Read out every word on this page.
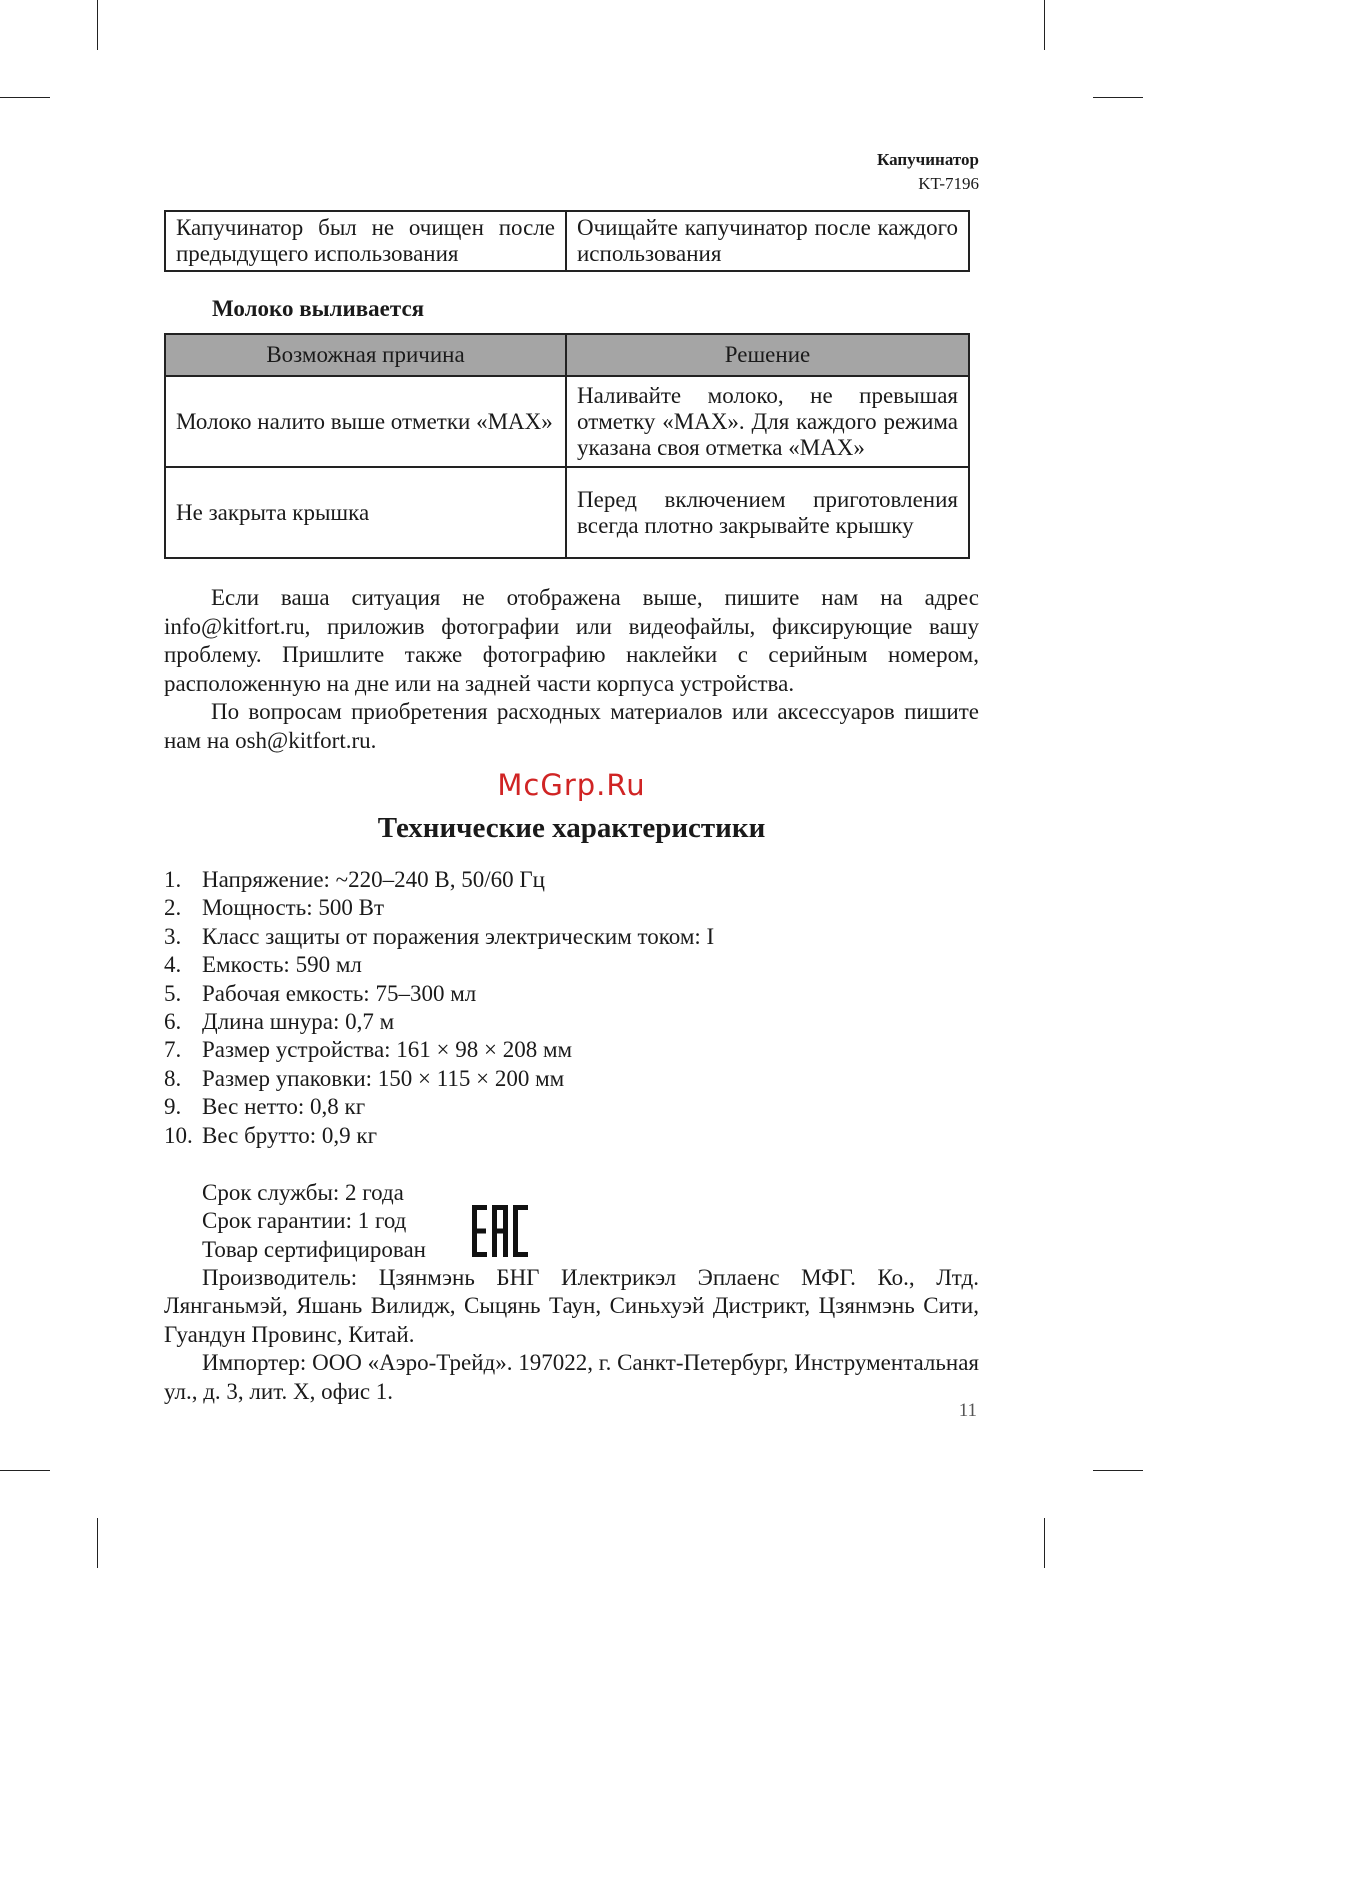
Капучинатор
KT-7196
Капучинатор был не очищен после предыдущего использования	Очищайте капучинатор после каждого использования
Молоко выливается
Возможная причина	Решение
Молоко налито выше отметки «MAX»	Наливайте молоко, не превышая отметку «MAX». Для каждого режима указана своя отметка «MAX»
Не закрыта крышка	Перед включением приготовления всегда плотно закрывайте крышку

Если ваша ситуация не отображена выше, пишите нам на адрес info@kitfort.ru, приложив фотографии или видеофайлы, фиксирующие вашу проблему. Пришлите также фотографию наклейки с серийным номером, расположенную на дне или на задней части корпуса устройства.

По вопросам приобретения расходных материалов или аксессуаров пишите нам на osh@kitfort.ru.

McGrp.Ru
Технические характеристики
1. Напряжение: ~220–240 В, 50/60 Гц
2. Мощность: 500 Вт
3. Класс защиты от поражения электрическим током: I
4. Емкость: 590 мл
5. Рабочая емкость: 75–300 мл
6. Длина шнура: 0,7 м
7. Размер устройства: 161 × 98 × 208 мм
8. Размер упаковки: 150 × 115 × 200 мм
9. Вес нетто: 0,8 кг
10. Вес брутто: 0,9 кг
Срок службы: 2 года
Срок гарантии: 1 год
Товар сертифицирован

Производитель: Цзянмэнь БНГ Илектрикэл Эплаенс МФГ. Ко., Лтд. Лянганьмэй, Яшань Вилидж, Сыцянь Таун, Синьхуэй Дистрикт, Цзянмэнь Сити, Гуандун Провинс, Китай.

Импортер: ООО «Аэро-Трейд». 197022, г. Санкт-Петербург, Инструментальная ул., д. 3, лит. Х, офис 1.

11
